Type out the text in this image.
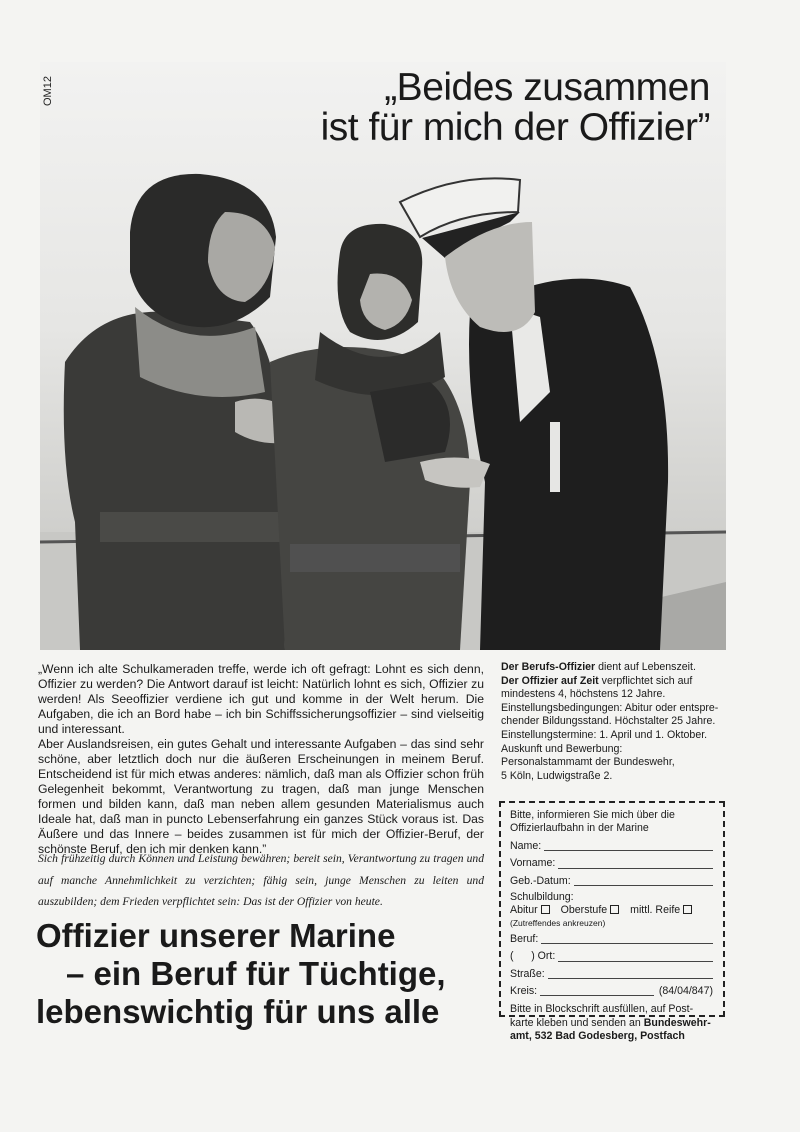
OM12	„Beides zusammen
ist für mich der Offizier”

„Wenn ich alte Schulkameraden treffe, werde ich oft gefragt: Lohnt es sich denn, Offizier zu werden? Die Antwort darauf ist leicht: Natürlich lohnt es sich, Offizier zu werden! Als Seeoffizier verdiene ich gut und komme in der Welt herum. Die Aufgaben, die ich an Bord habe – ich bin Schiffssicherungsoffizier – sind vielseitig und interessant.

Aber Auslandsreisen, ein gutes Gehalt und interessante Aufgaben – das sind sehr schöne, aber letztlich doch nur die äußeren Erscheinungen in meinem Beruf. Entscheidend ist für mich etwas anderes: nämlich, daß man als Offizier schon früh Gelegenheit bekommt, Verantwortung zu tragen, daß man junge Menschen formen und bilden kann, daß man neben allem gesunden Materialismus auch Ideale hat, daß man in puncto Lebenserfahrung ein ganzes Stück voraus ist. Das Äußere und das Innere – beides zusammen ist für mich der Offizier-Beruf, der schönste Beruf, den ich mir denken kann.”

Sich frühzeitig durch Können und Leistung bewähren; bereit sein, Verantwortung zu tragen und auf manche Annehmlichkeit zu verzichten; fähig sein, junge Menschen zu leiten und auszubilden; dem Frieden verpflichtet sein: Das ist der Offizier von heute.
Offizier unserer Marine
– ein Beruf für Tüchtige,
lebenswichtig für uns alle
Der Berufs-Offizier dient auf Lebenszeit.
Der Offizier auf Zeit verpflichtet sich auf
mindestens 4, höchstens 12 Jahre.
Einstellungsbedingungen: Abitur oder entspre-
chender Bildungsstand. Höchstalter 25 Jahre.
Einstellungstermine: 1. April und 1. Oktober.
Auskunft und Bewerbung:
Personalstammamt der Bundeswehr,
5 Köln, Ludwigstraße 2.
Bitte, informieren Sie mich über die
Offizierlaufbahn in der Marine
Name:
Vorname:
Geb.-Datum:
Schulbildung:
Abitur Oberstufe mittl. Reife
(Zutreffendes ankreuzen)
Beruf:
(      ) Ort:
Straße:
Kreis:	(84/04/847)
Bitte in Blockschrift ausfüllen, auf Post-
karte kleben und senden an Bundeswehr-
amt, 532 Bad Godesberg, Postfach
